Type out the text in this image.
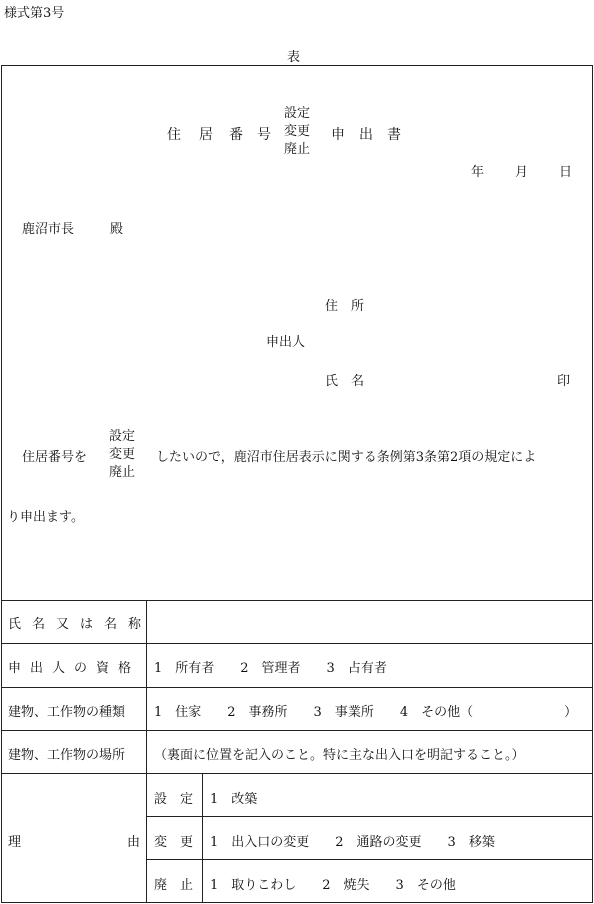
様式第3号
表
住 居 番 号
設定
変更
廃止
申 出 書
年 月 日
鹿沼市長	殿
住　所
申出人
氏　名	印
住居番号を
設定
変更
廃止
したいので，鹿沼市住居表示に関する条例第3条第2項の規定によ
り申出ます。
氏名又は名称
申出人の資格 1　所有者　　2　管理者　　3　占有者
建物、工作物の種類	1　住家　　2　事務所　　3　事業所　　4　その他（　　　　　　　）
建物、工作物の場所	（裏面に位置を記入のこと。特に主な出入口を明記すること。）
理	由
設　定 1　改築
変　更 1　出入口の変更　　2　通路の変更　　3　移築
廃　止 1　取りこわし　　2　焼失　　3　その他
